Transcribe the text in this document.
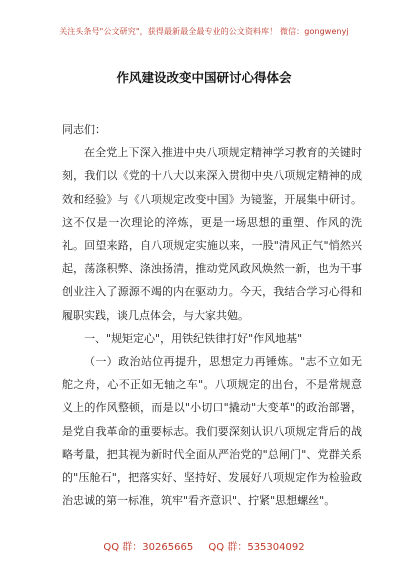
关注头条号"公文研究"，获得最新最全最专业的公文资料库！ 微信：gongwenyj
作风建设改变中国研讨心得体会

同志们：

在全党上下深入推进中央八项规定精神学习教育的关键时刻，我们以《党的十八大以来深入贯彻中央八项规定精神的成效和经验》与《八项规定改变中国》为镜鉴，开展集中研讨。这不仅是一次理论的淬炼，更是一场思想的重塑、作风的洗礼。回望来路，自八项规定实施以来，一股"清风正气"悄然兴起，荡涤积弊、涤浊扬清，推动党风政风焕然一新，也为干事创业注入了源源不竭的内在驱动力。今天，我结合学习心得和履职实践，谈几点体会，与大家共勉。

一、"规矩定心"，用铁纪铁律打好"作风地基"

（一）政治站位再提升，思想定力再锤炼。"志不立如无舵之舟，心不正如无轴之车"。八项规定的出台，不是常规意义上的作风整顿，而是以"小切口"撬动"大变革"的政治部署，是党自我革命的重要标志。我们要深刻认识八项规定背后的战略考量，把其视为新时代全面从严治党的"总闸门"、党群关系的"压舱石"，把落实好、坚持好、发展好八项规定作为检验政治忠诚的第一标准，筑牢"看齐意识"、拧紧"思想螺丝"。

QQ 群：30265665 QQ 群：535304092
